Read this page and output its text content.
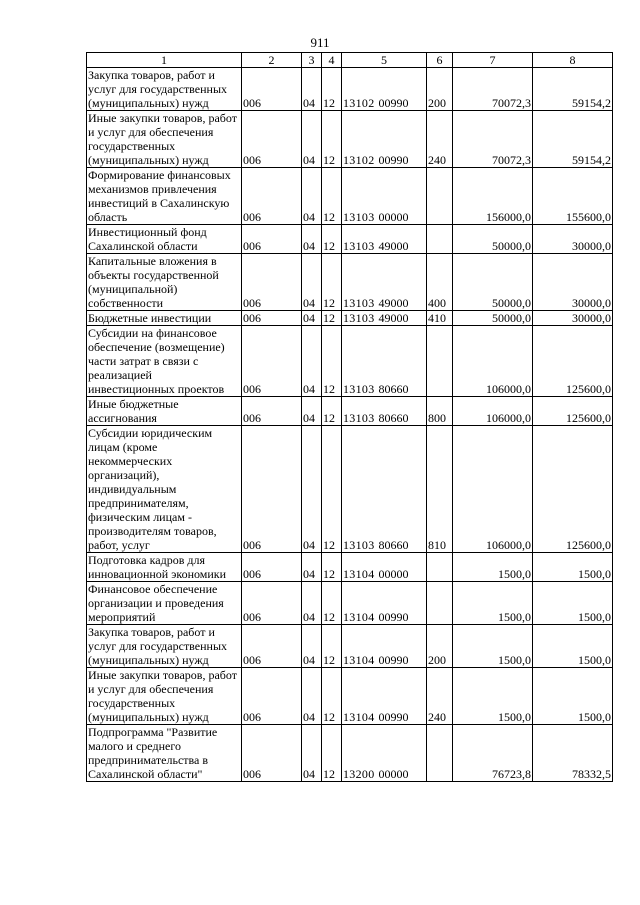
911
1	2	3	4	5	6	7	8
Закупка товаров, работ и услуг для государственных (муниципальных) нужд	006	04	12	13102 00990	200	70072,3	59154,2
Иные закупки товаров, работ и услуг для обеспечения государственных (муниципальных) нужд	006	04	12	13102 00990	240	70072,3	59154,2
Формирование финансовых механизмов привлечения инвестиций в Сахалинскую область	006	04	12	13103 00000		156000,0	155600,0
Инвестиционный фонд Сахалинской области	006	04	12	13103 49000		50000,0	30000,0
Капитальные вложения в объекты государственной (муниципальной) собственности	006	04	12	13103 49000	400	50000,0	30000,0
Бюджетные инвестиции	006	04	12	13103 49000	410	50000,0	30000,0
Субсидии на финансовое обеспечение (возмещение) части затрат в связи с реализацией инвестиционных проектов	006	04	12	13103 80660		106000,0	125600,0
Иные бюджетные ассигнования	006	04	12	13103 80660	800	106000,0	125600,0
Субсидии юридическим лицам (кроме некоммерческих организаций), индивидуальным предпринимателям, физическим лицам - производителям товаров, работ, услуг	006	04	12	13103 80660	810	106000,0	125600,0
Подготовка кадров для инновационной экономики	006	04	12	13104 00000		1500,0	1500,0
Финансовое обеспечение организации и проведения мероприятий	006	04	12	13104 00990		1500,0	1500,0
Закупка товаров, работ и услуг для государственных (муниципальных) нужд	006	04	12	13104 00990	200	1500,0	1500,0
Иные закупки товаров, работ и услуг для обеспечения государственных (муниципальных) нужд	006	04	12	13104 00990	240	1500,0	1500,0
Подпрограмма "Развитие малого и среднего предпринимательства в Сахалинской области"	006	04	12	13200 00000		76723,8	78332,5
